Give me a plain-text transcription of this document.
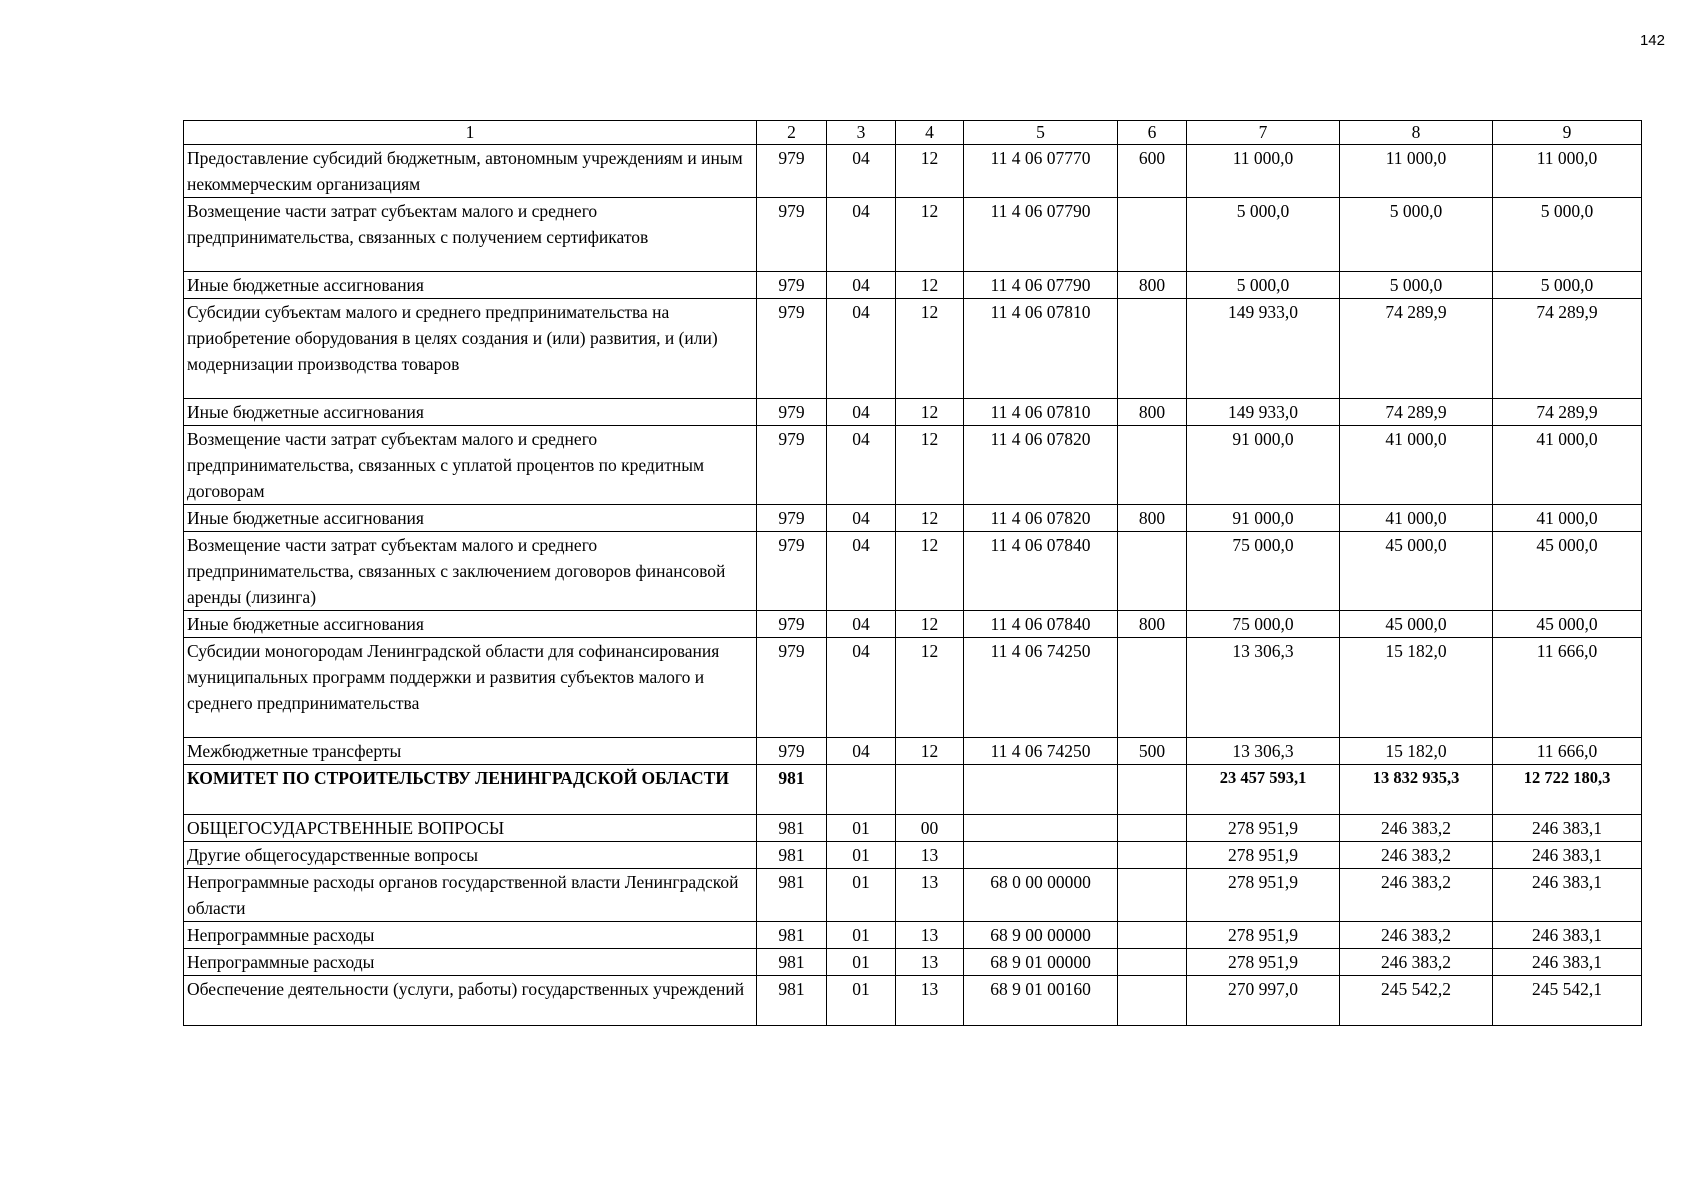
142
1	2	3	4	5	6	7	8	9
Предоставление субсидий бюджетным, автономным учреждениям и иным некоммерческим организациям	979	04	12	11 4 06 07770	600	11 000,0	11 000,0	11 000,0
Возмещение части затрат субъектам малого и среднего предпринимательства, связанных с получением сертификатов	979	04	12	11 4 06 07790		5 000,0	5 000,0	5 000,0
Иные бюджетные ассигнования	979	04	12	11 4 06 07790	800	5 000,0	5 000,0	5 000,0
Субсидии субъектам малого и среднего предпринимательства на приобретение оборудования в целях создания и (или) развития, и (или) модернизации производства товаров	979	04	12	11 4 06 07810		149 933,0	74 289,9	74 289,9
Иные бюджетные ассигнования	979	04	12	11 4 06 07810	800	149 933,0	74 289,9	74 289,9
Возмещение части затрат субъектам малого и среднего предпринимательства, связанных с уплатой процентов по кредитным договорам	979	04	12	11 4 06 07820		91 000,0	41 000,0	41 000,0
Иные бюджетные ассигнования	979	04	12	11 4 06 07820	800	91 000,0	41 000,0	41 000,0
Возмещение части затрат субъектам малого и среднего предпринимательства, связанных с заключением договоров финансовой аренды (лизинга)	979	04	12	11 4 06 07840		75 000,0	45 000,0	45 000,0
Иные бюджетные ассигнования	979	04	12	11 4 06 07840	800	75 000,0	45 000,0	45 000,0
Субсидии моногородам Ленинградской области для софинансирования муниципальных программ поддержки и развития субъектов малого и среднего предпринимательства	979	04	12	11 4 06 74250		13 306,3	15 182,0	11 666,0
Межбюджетные трансферты	979	04	12	11 4 06 74250	500	13 306,3	15 182,0	11 666,0
КОМИТЕТ ПО СТРОИТЕЛЬСТВУ ЛЕНИНГРАДСКОЙ ОБЛАСТИ	981					23 457 593,1	13 832 935,3	12 722 180,3
ОБЩЕГОСУДАРСТВЕННЫЕ ВОПРОСЫ	981	01	00			278 951,9	246 383,2	246 383,1
Другие общегосударственные вопросы	981	01	13			278 951,9	246 383,2	246 383,1
Непрограммные расходы органов государственной власти Ленинградской области	981	01	13	68 0 00 00000		278 951,9	246 383,2	246 383,1
Непрограммные расходы	981	01	13	68 9 00 00000		278 951,9	246 383,2	246 383,1
Непрограммные расходы	981	01	13	68 9 01 00000		278 951,9	246 383,2	246 383,1
Обеспечение деятельности (услуги, работы) государственных учреждений	981	01	13	68 9 01 00160		270 997,0	245 542,2	245 542,1
